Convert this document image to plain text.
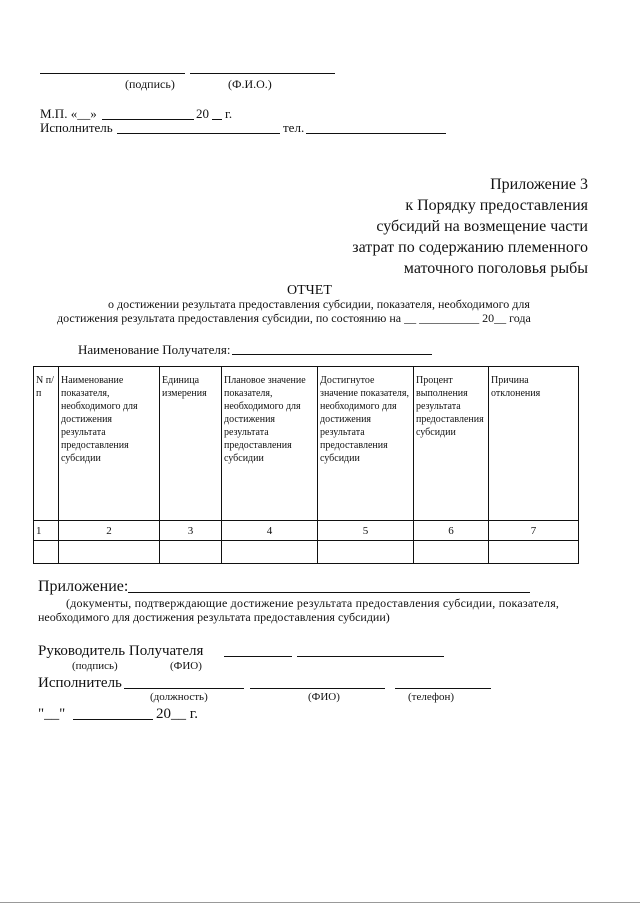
(подпись)	(Ф.И.О.)
М.П. «__»	20 г.
Исполнитель	тел.
Приложение 3
к Порядку предоставления
субсидий на возмещение части
затрат по содержанию племенного
маточного поголовья рыбы
ОТЧЕТ
о достижении результата предоставления субсидии, показателя, необходимого для
достижения результата предоставления субсидии, по состоянию на __ __________ 20__ года
Наименование Получателя:
N п/п	Наименование показателя, необходимого для достижения результата предоставления субсидии	Единица измерения	Плановое значение показателя, необходимого для достижения результата предоставления субсидии	Достигнутое значение показателя, необходимого для достижения результата предоставления субсидии	Процент выполнения результата предоставления субсидии	Причина отклонения
1	2	3	4	5	6	7

Приложение:
(документы, подтверждающие достижение результата предоставления субсидии, показателя,
необходимого для достижения результата предоставления субсидии)
Руководитель Получателя
(подпись)	(ФИО)
Исполнитель
(должность)	(ФИО)	(телефон)
"__"	20__ г.
